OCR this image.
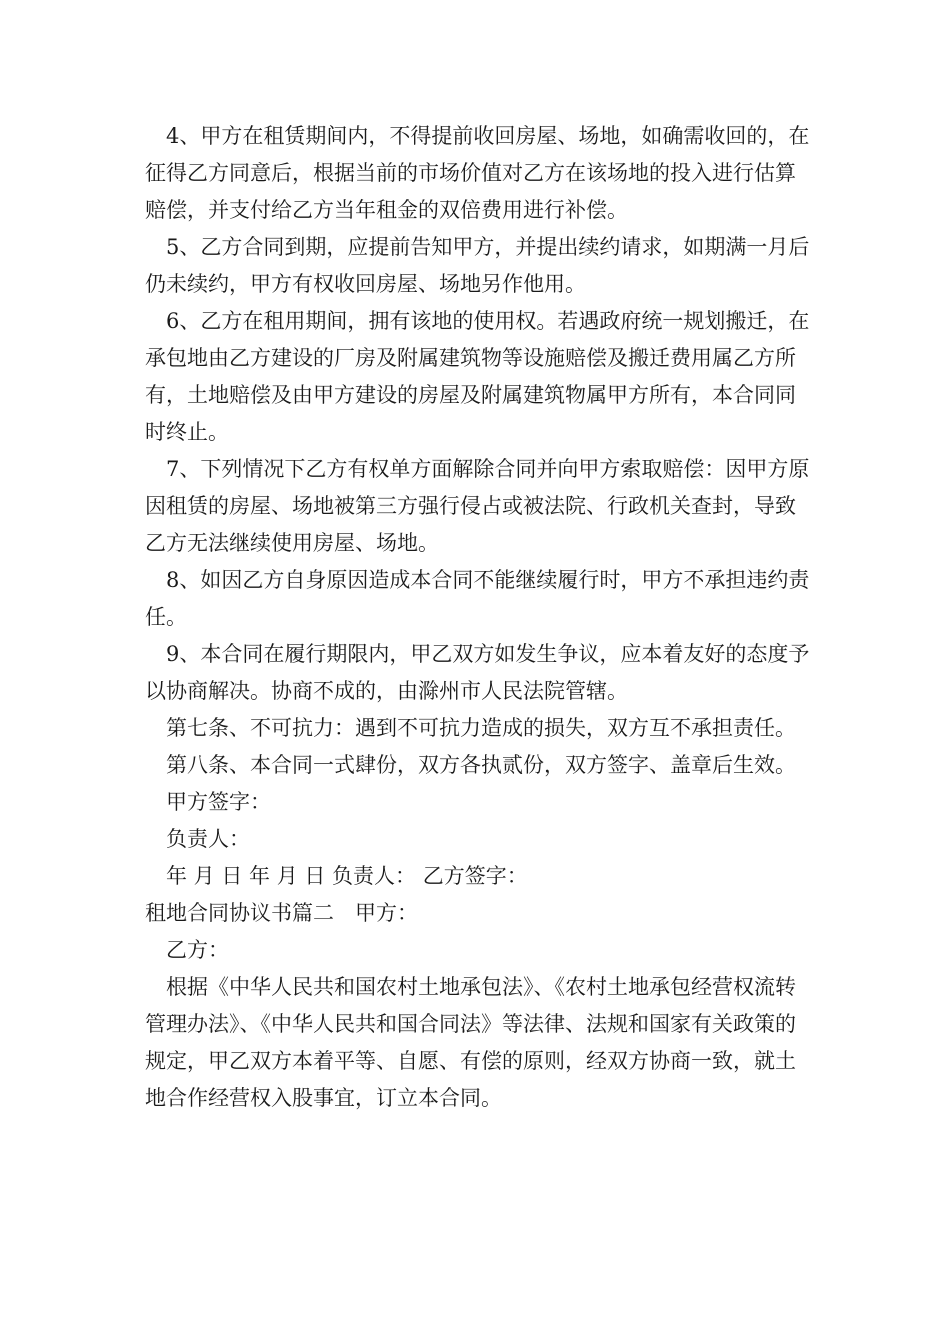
4、甲方在租赁期间内，不得提前收回房屋、场地，如确需收回的，在征得乙方同意后，根据当前的市场价值对乙方在该场地的投入进行估算赔偿，并支付给乙方当年租金的双倍费用进行补偿。

5、乙方合同到期，应提前告知甲方，并提出续约请求，如期满一月后仍未续约，甲方有权收回房屋、场地另作他用。

6、乙方在租用期间，拥有该地的使用权。若遇政府统一规划搬迁，在承包地由乙方建设的厂房及附属建筑物等设施赔偿及搬迁费用属乙方所有，土地赔偿及由甲方建设的房屋及附属建筑物属甲方所有，本合同同时终止。

7、下列情况下乙方有权单方面解除合同并向甲方索取赔偿：因甲方原因租赁的房屋、场地被第三方强行侵占或被法院、行政机关查封，导致乙方无法继续使用房屋、场地。

8、如因乙方自身原因造成本合同不能继续履行时，甲方不承担违约责任。

9、本合同在履行期限内，甲乙双方如发生争议，应本着友好的态度予以协商解决。协商不成的，由滁州市人民法院管辖。

第七条、不可抗力：遇到不可抗力造成的损失，双方互不承担责任。

第八条、本合同一式肆份，双方各执贰份，双方签字、盖章后生效。

甲方签字：

负责人：

年 月 日 年 月 日 负责人： 乙方签字：

租地合同协议书篇二　甲方：

乙方：

根据《中华人民共和国农村土地承包法》、《农村土地承包经营权流转管理办法》、《中华人民共和国合同法》等法律、法规和国家有关政策的规定，甲乙双方本着平等、自愿、有偿的原则，经双方协商一致，就土地合作经营权入股事宜，订立本合同。
